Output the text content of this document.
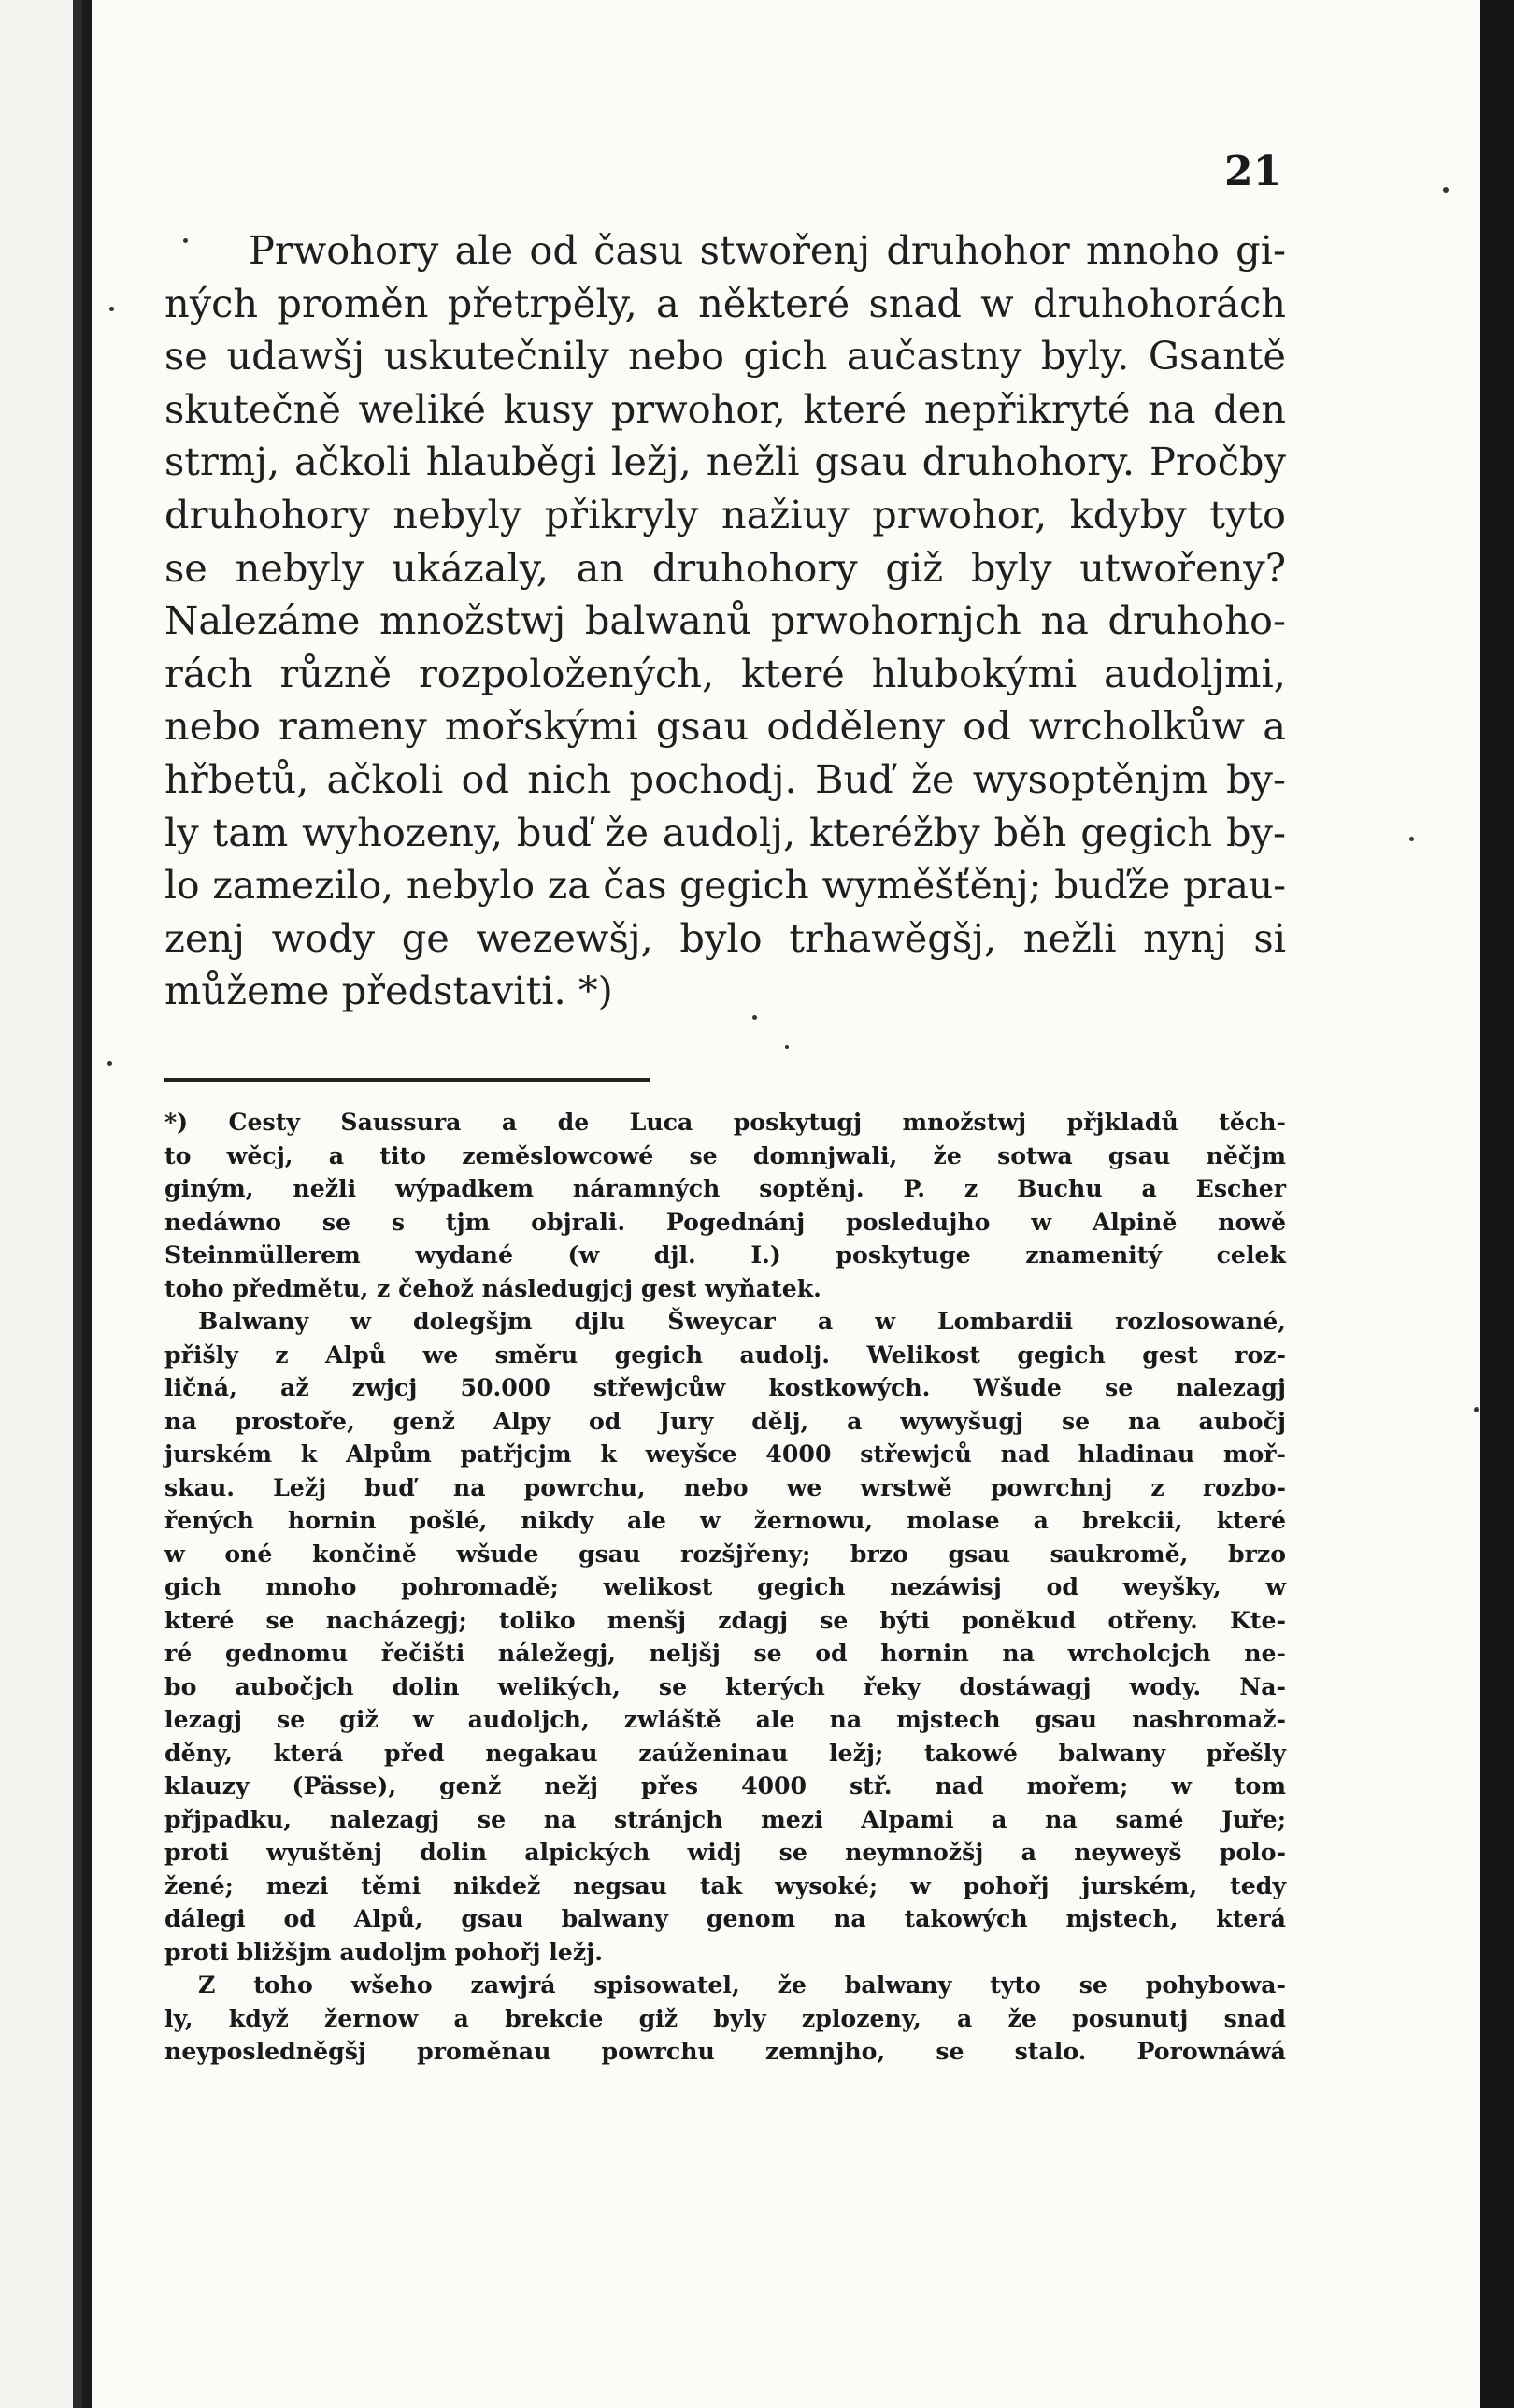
21

Prwohory ale od času stwořenj druhohor mnoho gi-
ných proměn přetrpěly, a některé snad w druhohorách
se udawšj uskutečnily nebo gich aučastny byly. Gsantě
skutečně weliké kusy prwohor, které nepřikryté na den
strmj, ačkoli hlauběgi ležj, nežli gsau druhohory. Pročby
druhohory nebyly přikryly nažiuy prwohor, kdyby tyto
se nebyly ukázaly, an druhohory giž byly utwořeny?
Nalezáme množstwj balwanů prwohornjch na druhoho-
rách různě rozpoložených, které hlubokými audoljmi,
nebo rameny mořskými gsau odděleny od wrcholkůw a
hřbetů, ačkoli od nich pochodj. Buď že wysoptěnjm by-
ly tam wyhozeny, buď že audolj, kteréžby běh gegich by-
lo zamezilo, nebylo za čas gegich wyměšťěnj; buďže prau-
zenj wody ge wezewšj, bylo trhawěgšj, nežli nynj si
můžeme představiti. *)
*) Cesty Saussura a de Luca poskytugj množstwj přjkladů těch-
to wěcj, a tito zeměslowcowé se domnjwali, že sotwa gsau něčjm
giným, nežli wýpadkem náramných soptěnj. P. z Buchu a Escher
nedáwno se s tjm objrali. Pogednánj posledujho w Alpině nowě
Steinmüllerem wydané (w djl. I.) poskytuge znamenitý celek
toho předmětu, z čehož následugjcj gest wyňatek.
Balwany w dolegšjm djlu Šweycar a w Lombardii rozlosowané,
přišly z Alpů we směru gegich audolj. Welikost gegich gest roz-
ličná, až zwjcj 50.000 střewjcůw kostkowých. Wšude se nalezagj
na prostoře, genž Alpy od Jury dělj, a wywyšugj se na aubočj
jurském k Alpům patřjcjm k weyšce 4000 střewjců nad hladinau moř-
skau. Ležj buď na powrchu, nebo we wrstwě powrchnj z rozbo-
řených hornin pošlé, nikdy ale w žernowu, molase a brekcii, které
w oné končině wšude gsau rozšjřeny; brzo gsau saukromě, brzo
gich mnoho pohromadě; welikost gegich nezáwisj od weyšky, w
které se nacházegj; toliko menšj zdagj se býti poněkud otřeny. Kte-
ré gednomu řečišti náležegj, neljšj se od hornin na wrcholcjch ne-
bo aubočjch dolin welikých, se kterých řeky dostáwagj wody. Na-
lezagj se giž w audoljch, zwláště ale na mjstech gsau nashromaž-
děny, která před negakau zaúženinau ležj; takowé balwany přešly
klauzy (Pässe), genž nežj přes 4000 stř. nad mořem; w tom
přjpadku, nalezagj se na stránjch mezi Alpami a na samé Juře;
proti wyuštěnj dolin alpických widj se neymnožšj a neyweyš polo-
žené; mezi těmi nikdež negsau tak wysoké; w pohořj jurském, tedy
dálegi od Alpů, gsau balwany genom na takowých mjstech, která
proti bližšjm audoljm pohořj ležj.
Z toho wšeho zawjrá spisowatel, že balwany tyto se pohybowa-
ly, když žernow a brekcie giž byly zplozeny, a že posunutj snad
neyposledněgšj proměnau powrchu zemnjho, se stalo. Porownáwá
